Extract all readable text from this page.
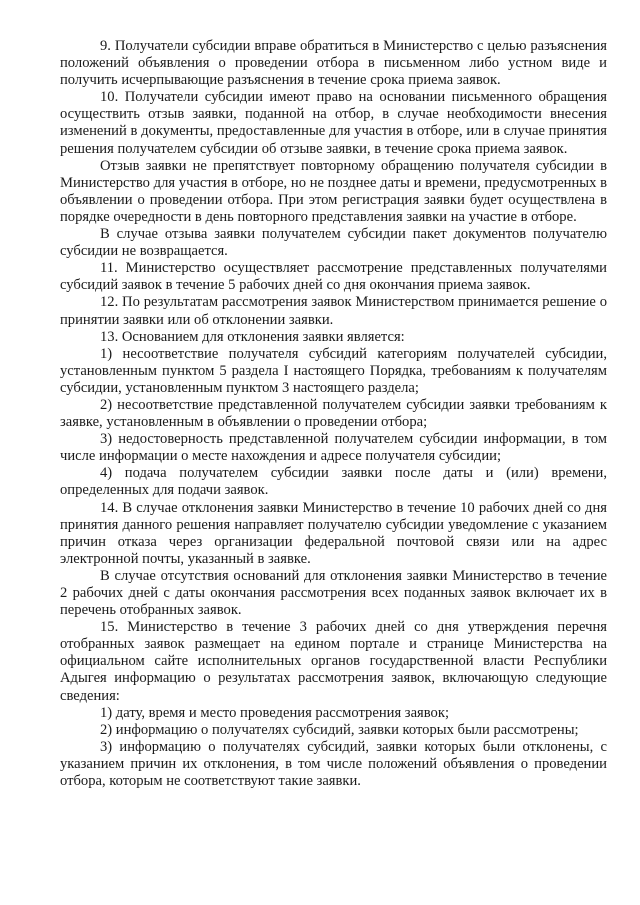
9. Получатели субсидии вправе обратиться в Министерство с целью разъяснения положений объявления о проведении отбора в письменном либо устном виде и получить исчерпывающие разъяснения в течение срока приема заявок.

10. Получатели субсидии имеют право на основании письменного обращения осуществить отзыв заявки, поданной на отбор, в случае необходимости внесения изменений в документы, предоставленные для участия в отборе, или в случае принятия решения получателем субсидии об отзыве заявки, в течение срока приема заявок.

Отзыв заявки не препятствует повторному обращению получателя субсидии в Министерство для участия в отборе, но не позднее даты и времени, предусмотренных в объявлении о проведении отбора. При этом регистрация заявки будет осуществлена в порядке очередности в день повторного представления заявки на участие в отборе.

В случае отзыва заявки получателем субсидии пакет документов получателю субсидии не возвращается.

11. Министерство осуществляет рассмотрение представленных получателями субсидий заявок в течение 5 рабочих дней со дня окончания приема заявок.

12. По результатам рассмотрения заявок Министерством принимается решение о принятии заявки или об отклонении заявки.

13. Основанием для отклонения заявки является:

1) несоответствие получателя субсидий категориям получателей субсидии, установленным пунктом 5 раздела I настоящего Порядка, требованиям к получателям субсидии, установленным пунктом 3 настоящего раздела;

2) несоответствие представленной получателем субсидии заявки требованиям к заявке, установленным в объявлении о проведении отбора;

3) недостоверность представленной получателем субсидии информации, в том числе информации о месте нахождения и адресе получателя субсидии;

4) подача получателем субсидии заявки после даты и (или) времени, определенных для подачи заявок.

14. В случае отклонения заявки Министерство в течение 10 рабочих дней со дня принятия данного решения направляет получателю субсидии уведомление с указанием причин отказа через организации федеральной почтовой связи или на адрес электронной почты, указанный в заявке.

В случае отсутствия оснований для отклонения заявки Министерство в течение 2 рабочих дней с даты окончания рассмотрения всех поданных заявок включает их в перечень отобранных заявок.

15. Министерство в течение 3 рабочих дней со дня утверждения перечня отобранных заявок размещает на едином портале и странице Министерства на официальном сайте исполнительных органов государственной власти Республики Адыгея информацию о результатах рассмотрения заявок, включающую следующие сведения:

1) дату, время и место проведения рассмотрения заявок;

2) информацию о получателях субсидий, заявки которых были рассмотрены;

3) информацию о получателях субсидий, заявки которых были отклонены, с указанием причин их отклонения, в том числе положений объявления о проведении отбора, которым не соответствуют такие заявки.
